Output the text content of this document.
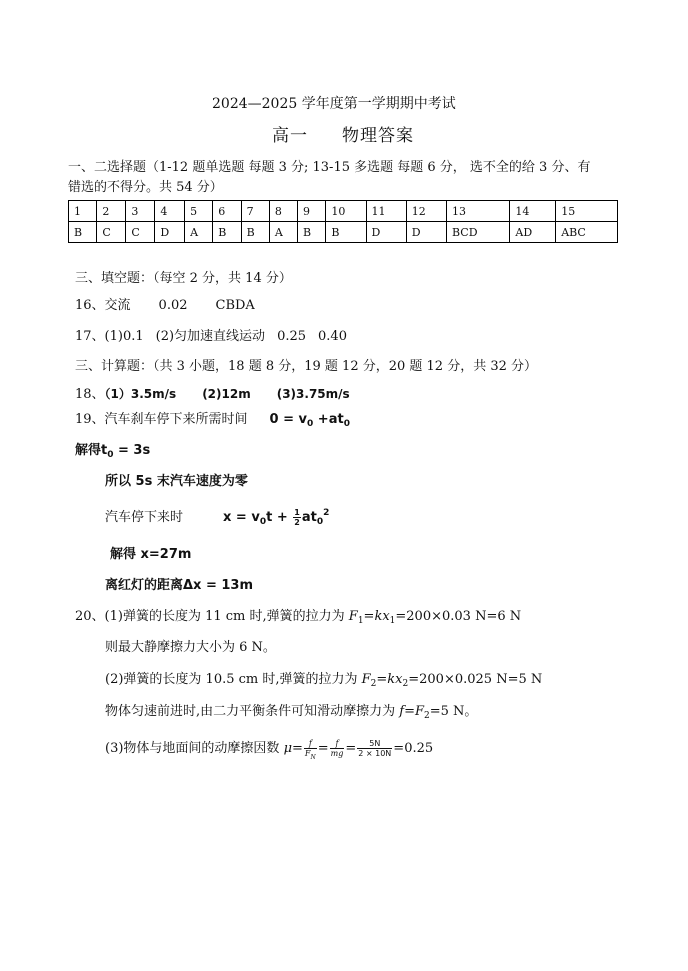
2024—2025 学年度第一学期期中考试
高一 物理答案
一、二选择题（1-12 题单选题 每题 3 分; 13-15 多选题 每题 6 分， 选不全的给 3 分、有
错选的不得分。共 54 分）
1	2	3	4	5	6	7	8	9	10	11	12	13	14	15
B	C	C	D	A	B	B	A	B	B	D	D	BCD	AD	ABC
三、填空题：（每空 2 分，共 14 分）
16、交流 0.02 CBDA
17、(1)0.1 (2)匀加速直线运动 0.25 0.40
三、计算题：（共 3 小题，18 题 8 分，19 题 12 分，20 题 12 分，共 32 分）
18、（1）3.5m/s (2)12m (3)3.75m/s
19、汽车刹车停下来所需时间 $0 = v_0 +at_0$
解得$t_0 = 3s$
所以 5s 末汽车速度为零
汽车停下来时	$x = v_0t + \frac{1}{2} at_0^2$
解得 x=27m
离红灯的距离Δx = 13m
20、(1)弹簧的长度为 11 cm 时,弹簧的拉力为 $F_1=kx_1=200\times 0.03$ N=6 N
则最大静摩擦力大小为 6 N。
(2)弹簧的长度为 10.5 cm 时,弹簧的拉力为 $F_2=kx_2=200\times 0.025$ N=5 N
物体匀速前进时,由二力平衡条件可知滑动摩擦力为 $f=F_2=5$ N。
(3)物体与地面间的动摩擦因数 $\mu= \frac{f}{F_N} = \frac{f}{mg} = \frac{5N}{2 \times 10N} =0.25$
